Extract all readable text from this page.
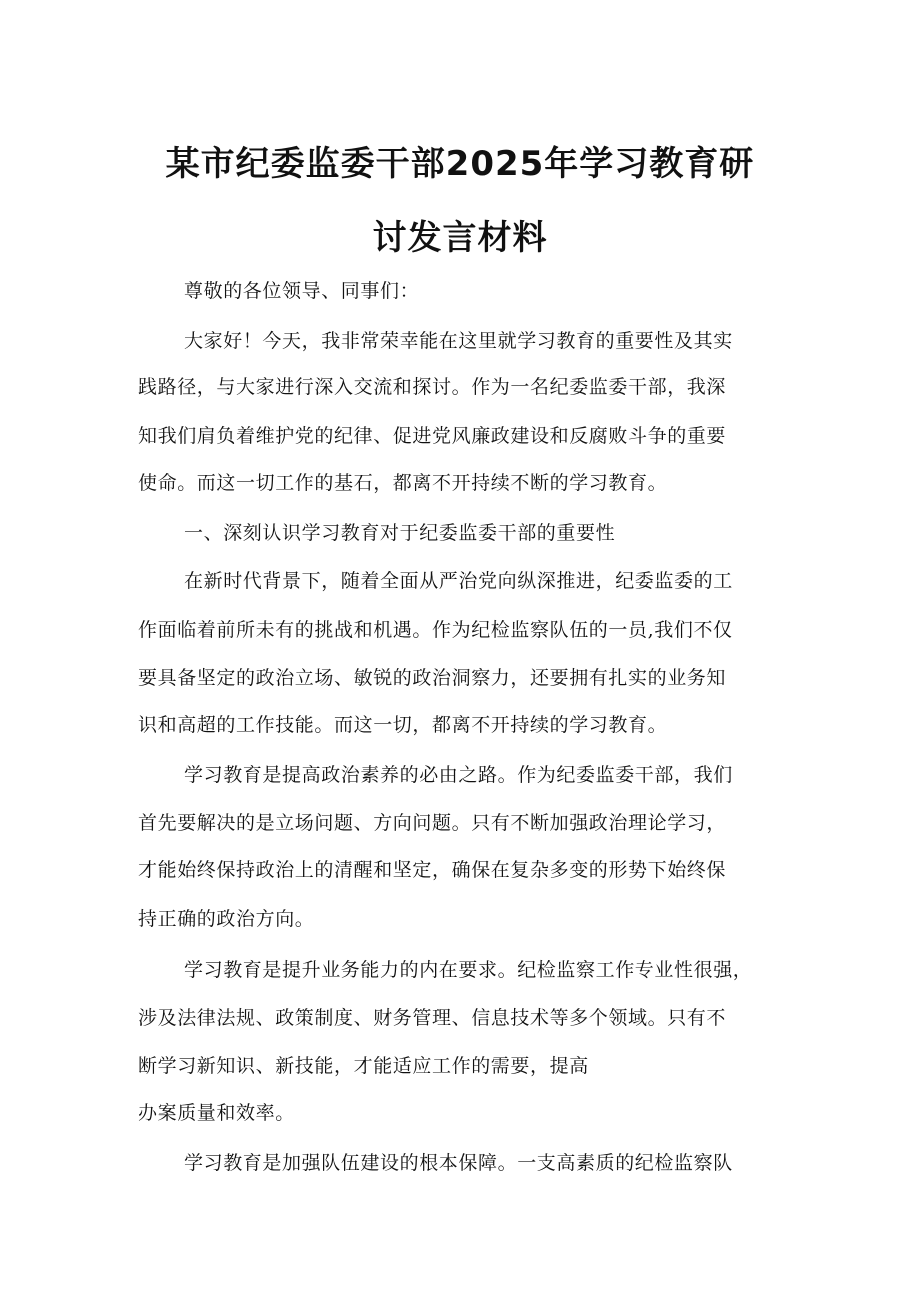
某市纪委监委干部2025年学习教育研
讨发言材料
尊敬的各位领导、同事们：
大家好！今天，我非常荣幸能在这里就学习教育的重要性及其实
践路径，与大家进行深入交流和探讨。作为一名纪委监委干部，我深
知我们肩负着维护党的纪律、促进党风廉政建设和反腐败斗争的重要
使命。而这一切工作的基石，都离不开持续不断的学习教育。
一、深刻认识学习教育对于纪委监委干部的重要性
在新时代背景下，随着全面从严治党向纵深推进，纪委监委的工
作面临着前所未有的挑战和机遇。作为纪检监察队伍的一员,我们不仅
要具备坚定的政治立场、敏锐的政治洞察力，还要拥有扎实的业务知
识和高超的工作技能。而这一切，都离不开持续的学习教育。
学习教育是提高政治素养的必由之路。作为纪委监委干部，我们
首先要解决的是立场问题、方向问题。只有不断加强政治理论学习，
才能始终保持政治上的清醒和坚定，确保在复杂多变的形势下始终保
持正确的政治方向。
学习教育是提升业务能力的内在要求。纪检监察工作专业性很强，
涉及法律法规、政策制度、财务管理、信息技术等多个领域。只有不
断学习新知识、新技能，才能适应工作的需要，提高
办案质量和效率。
学习教育是加强队伍建设的根本保障。一支高素质的纪检监察队
